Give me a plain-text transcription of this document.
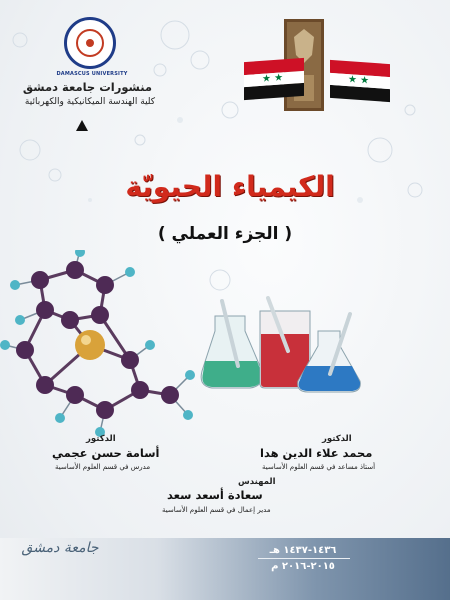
DAMASCUS UNIVERSITY
منشورات جامعة دمشق
كلية الهندسة الميكانيكية والكهربائية
★ ★	★ ★
الكيمياء الحيويّة
( الجزء العملي )
الدكتور
محمد علاء الدين هدا
أستاذ مساعد في قسم العلوم الأساسية
الدكتور
أسامة حسن عجمي
مدرس في قسم العلوم الأساسية
المهندس
سعادة أسعد سعد
مدير إعمال في قسم العلوم الأساسية
جامعة دمشق	١٤٣٦-١٤٣٧ هـ
٢٠١٥-٢٠١٦ م
